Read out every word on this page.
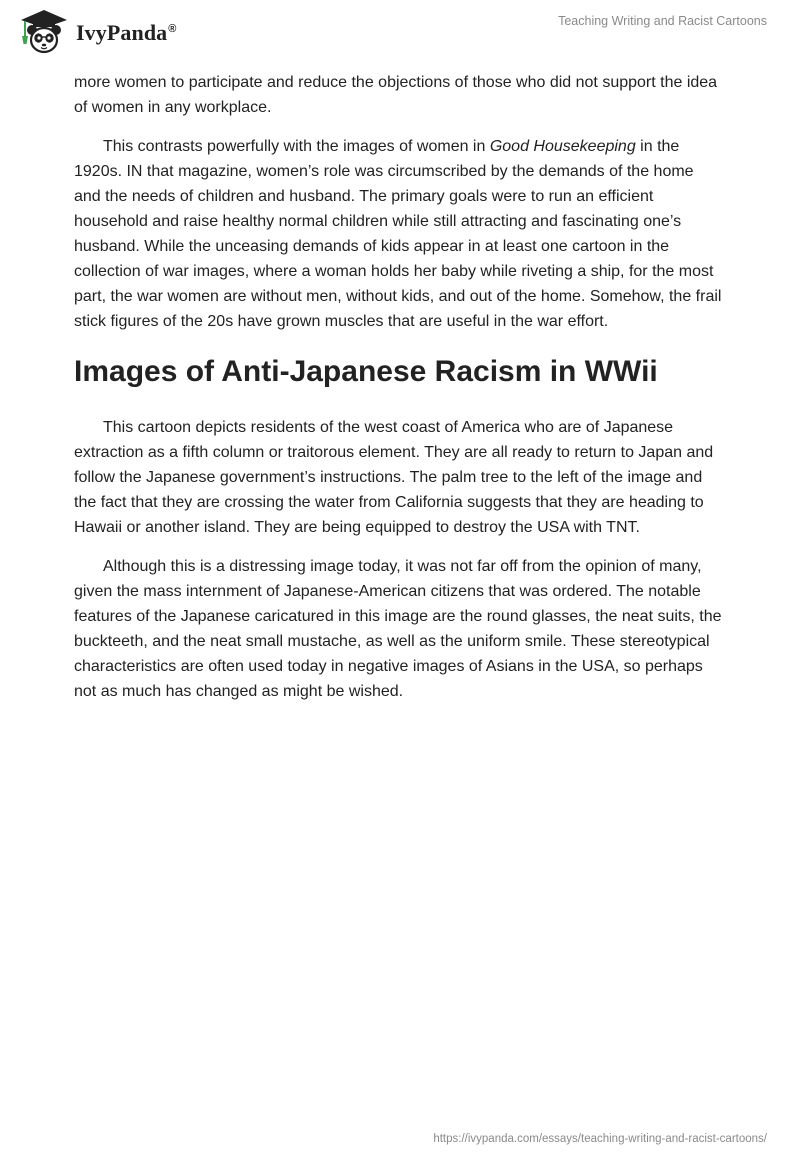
IvyPanda®
Teaching Writing and Racist Cartoons

more women to participate and reduce the objections of those who did not support the idea of women in any workplace.

This contrasts powerfully with the images of women in Good Housekeeping in the 1920s. IN that magazine, women’s role was circumscribed by the demands of the home and the needs of children and husband. The primary goals were to run an efficient household and raise healthy normal children while still attracting and fascinating one’s husband. While the unceasing demands of kids appear in at least one cartoon in the collection of war images, where a woman holds her baby while riveting a ship, for the most part, the war women are without men, without kids, and out of the home. Somehow, the frail stick figures of the 20s have grown muscles that are useful in the war effort.

Images of Anti-Japanese Racism in WWii

This cartoon depicts residents of the west coast of America who are of Japanese extraction as a fifth column or traitorous element. They are all ready to return to Japan and follow the Japanese government’s instructions. The palm tree to the left of the image and the fact that they are crossing the water from California suggests that they are heading to Hawaii or another island. They are being equipped to destroy the USA with TNT.

Although this is a distressing image today, it was not far off from the opinion of many, given the mass internment of Japanese-American citizens that was ordered. The notable features of the Japanese caricatured in this image are the round glasses, the neat suits, the buckteeth, and the neat small mustache, as well as the uniform smile. These stereotypical characteristics are often used today in negative images of Asians in the USA, so perhaps not as much has changed as might be wished.

https://ivypanda.com/essays/teaching-writing-and-racist-cartoons/
